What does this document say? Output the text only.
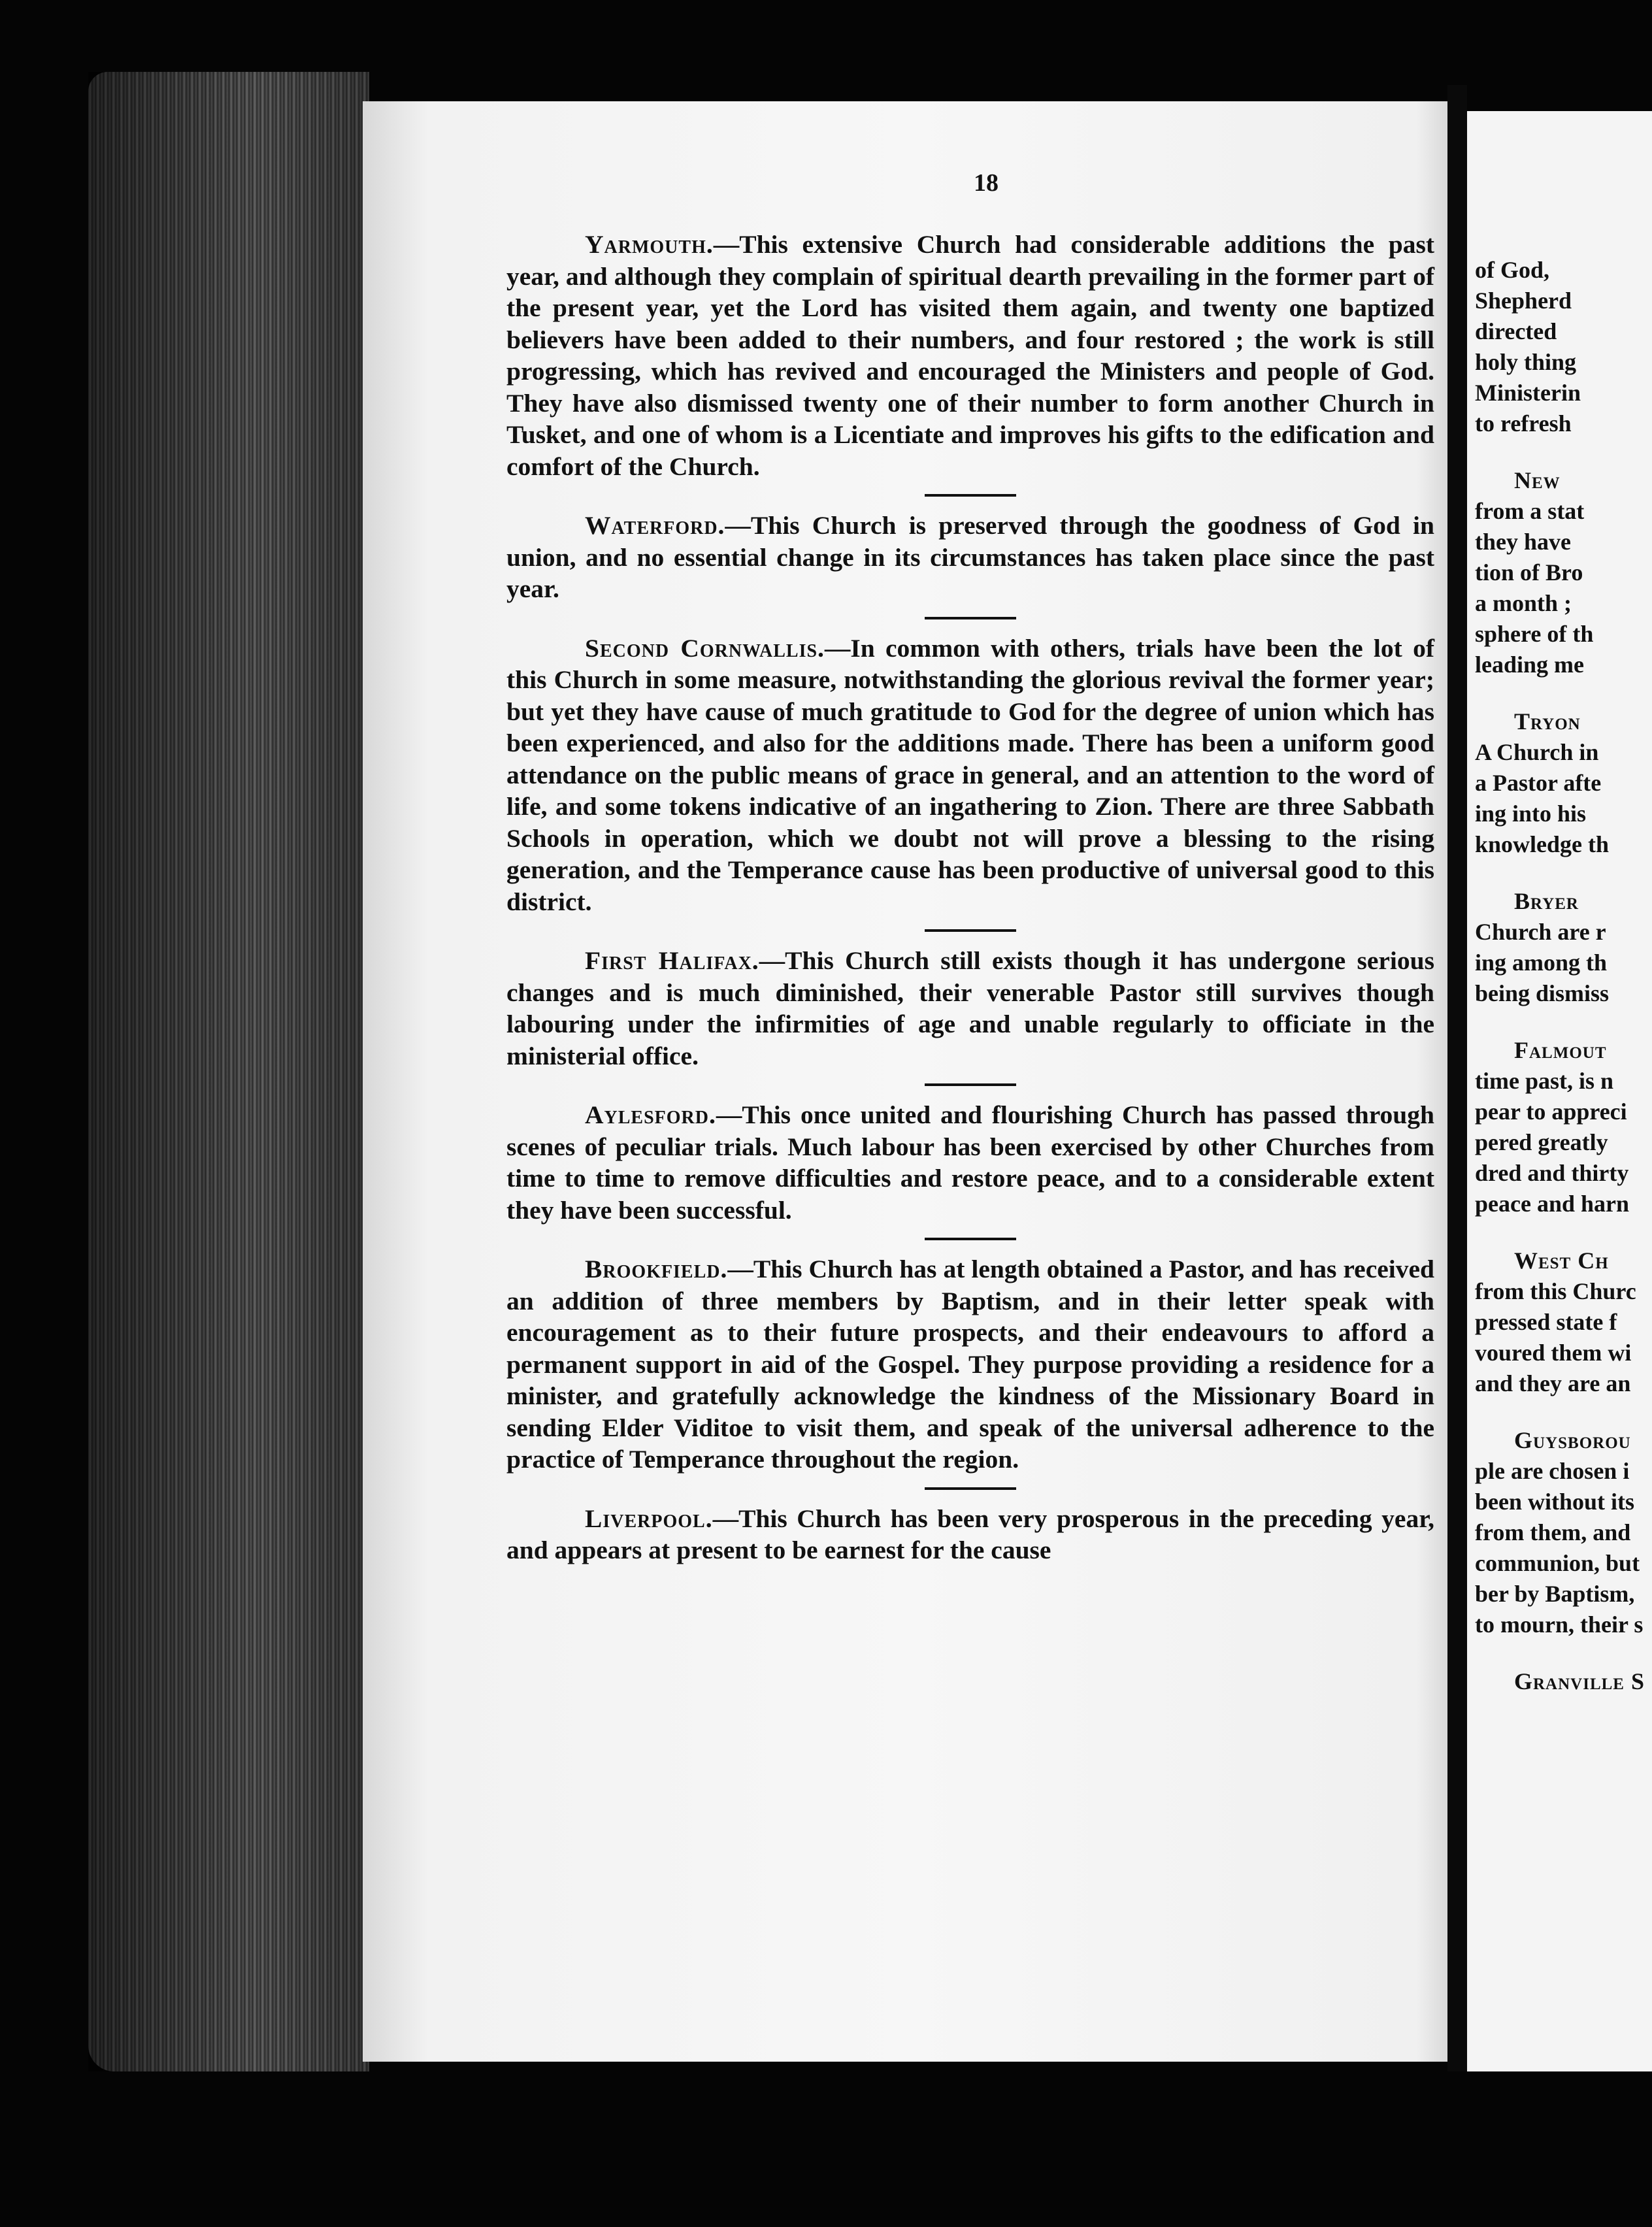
18

Yarmouth.—This extensive Church had considerable additions the past year, and although they complain of spiritual dearth prevailing in the former part of the present year, yet the Lord has visited them again, and twenty one baptized believers have been added to their numbers, and four restored ; the work is still progressing, which has revived and encouraged the Ministers and people of God. They have also dismissed twenty one of their number to form another Church in Tusket, and one of whom is a Licentiate and improves his gifts to the edification and comfort of the Church.

Waterford.—This Church is preserved through the goodness of God in union, and no essential change in its circumstances has taken place since the past year.

Second Cornwallis.—In common with others, trials have been the lot of this Church in some measure, notwithstanding the glorious revival the former year; but yet they have cause of much gratitude to God for the degree of union which has been experienced, and also for the additions made. There has been a uniform good attendance on the public means of grace in general, and an attention to the word of life, and some tokens indicative of an ingathering to Zion. There are three Sabbath Schools in operation, which we doubt not will prove a blessing to the rising generation, and the Temperance cause has been productive of universal good to this district.

First Halifax.—This Church still exists though it has undergone serious changes and is much diminished, their venerable Pastor still survives though labouring under the infirmities of age and unable regularly to officiate in the ministerial office.

Aylesford.—This once united and flourishing Church has passed through scenes of peculiar trials. Much labour has been exercised by other Churches from time to time to remove difficulties and restore peace, and to a considerable extent they have been successful.

Brookfield.—This Church has at length obtained a Pastor, and has received an addition of three members by Baptism, and in their letter speak with encouragement as to their future prospects, and their endeavours to afford a permanent support in aid of the Gospel. They purpose providing a residence for a minister, and gratefully acknowledge the kindness of the Missionary Board in sending Elder Viditoe to visit them, and speak of the universal adherence to the practice of Temperance throughout the region.

Liverpool.—This Church has been very prosperous in the preceding year, and appears at present to be earnest for the cause

of God,
Shepherd
directed
holy thing
Ministerin
to refresh
New
from a stat
they have
tion of Bro
a month ;
sphere of th
leading me
Tryon
A Church in
a Pastor afte
ing into his
knowledge th
Bryer
Church are r
ing among th
being dismiss
Falmout
time past, is n
pear to appreci
pered greatly
dred and thirty
peace and harn
West Ch
from this Churc
pressed state f
voured them wi
and they are an
Guysborou
ple are chosen i
been without its
from them, and
communion, but
ber by Baptism,
to mourn, their s
Granville S
